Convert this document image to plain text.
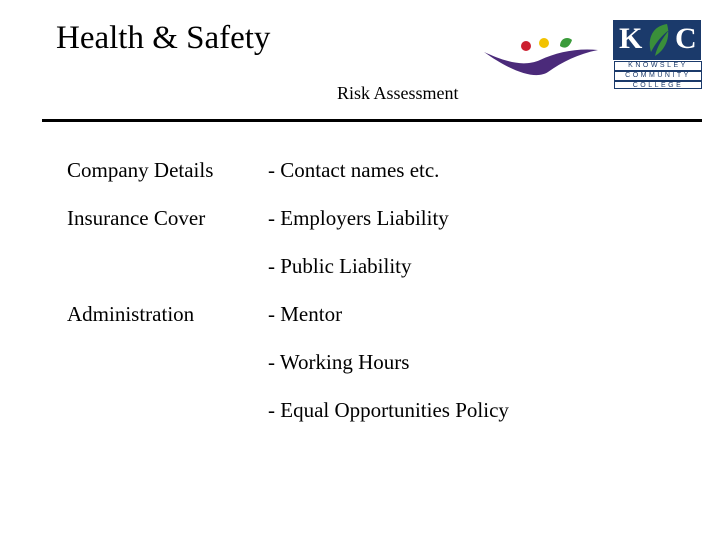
Health & Safety	K C
KNOWSLEY
COMMUNITY
COLLEGE
Risk Assessment
Company Details	- Contact names etc.
Insurance Cover	- Employers Liability
- Public Liability
Administration	- Mentor
- Working Hours
- Equal Opportunities Policy
